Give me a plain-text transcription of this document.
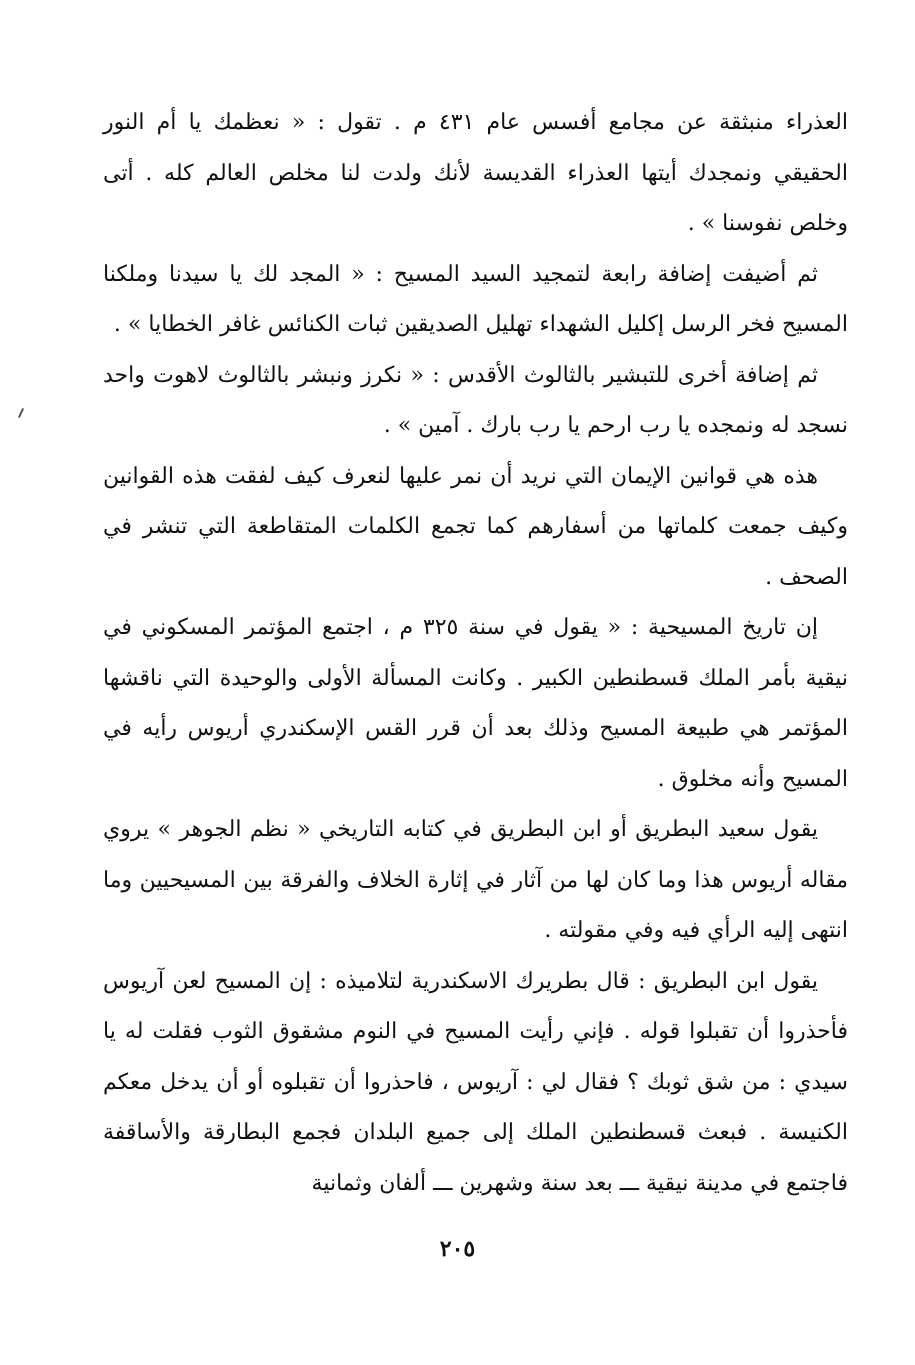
العذراء منبثقة عن مجامع أفسس عام ٤٣١ م . تقول : « نعظمك يا أم النور الحقيقي ونمجدك أيتها العذراء القديسة لأنك ولدت لنا مخلص العالم كله . أتى وخلص نفوسنا » .

ثم أضيفت إضافة رابعة لتمجيد السيد المسيح : « المجد لك يا سيدنا وملكنا المسيح فخر الرسل إكليل الشهداء تهليل الصديقين ثبات الكنائس غافر الخطايا » .

ثم إضافة أخرى للتبشير بالثالوث الأقدس : « نكرز ونبشر بالثالوث لاهوت واحد نسجد له ونمجده يا رب ارحم يا رب بارك . آمين » .

هذه هي قوانين الإيمان التي نريد أن نمر عليها لنعرف كيف لفقت هذه القوانين وكيف جمعت كلماتها من أسفارهم كما تجمع الكلمات المتقاطعة التي تنشر في الصحف .

إن تاريخ المسيحية : « يقول في سنة ٣٢٥ م ، اجتمع المؤتمر المسكوني في نيقية بأمر الملك قسطنطين الكبير . وكانت المسألة الأولى والوحيدة التي ناقشها المؤتمر هي طبيعة المسيح وذلك بعد أن قرر القس الإسكندري أريوس رأيه في المسيح وأنه مخلوق .

يقول سعيد البطريق أو ابن البطريق في كتابه التاريخي « نظم الجوهر » يروي مقاله أريوس هذا وما كان لها من آثار في إثارة الخلاف والفرقة بين المسيحيين وما انتهى إليه الرأي فيه وفي مقولته .

يقول ابن البطريق : قال بطريرك الاسكندرية لتلاميذه : إن المسيح لعن آريوس فأحذروا أن تقبلوا قوله . فإني رأيت المسيح في النوم مشقوق الثوب فقلت له يا سيدي : من شق ثوبك ؟ فقال لي : آريوس ، فاحذروا أن تقبلوه أو أن يدخل معكم الكنيسة . فبعث قسطنطين الملك إلى جميع البلدان فجمع البطارقة والأساقفة فاجتمع في مدينة نيقية ـــ بعد سنة وشهرين ـــ ألفان وثمانية

٢٠٥
